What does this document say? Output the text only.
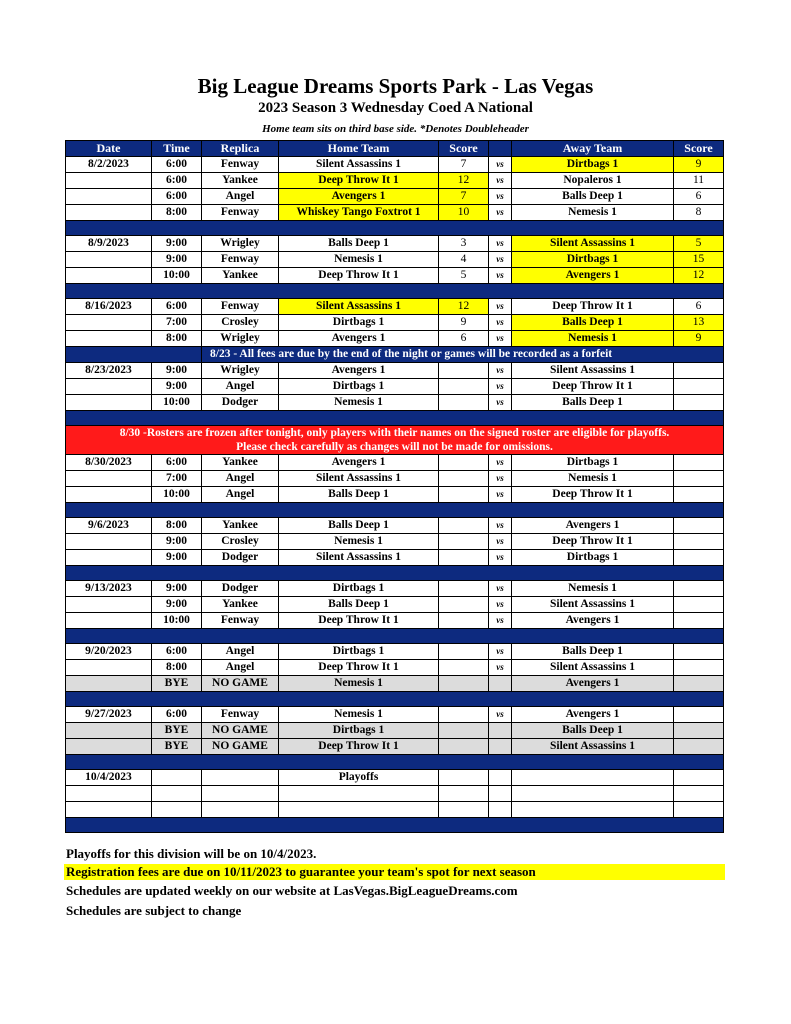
Big League Dreams Sports Park - Las Vegas
2023 Season 3 Wednesday Coed A National
Home team sits on third base side. *Denotes Doubleheader
Date	Time	Replica	Home Team	Score		Away Team	Score
8/2/2023	6:00	Fenway	Silent Assassins 1	7	vs	Dirtbags 1	9
	6:00	Yankee	Deep Throw It 1	12	vs	Nopaleros 1	11
	6:00	Angel	Avengers 1	7	vs	Balls Deep 1	6
	8:00	Fenway	Whiskey Tango Foxtrot 1	10	vs	Nemesis 1	8

8/9/2023	9:00	Wrigley	Balls Deep 1	3	vs	Silent Assassins 1	5
	9:00	Fenway	Nemesis 1	4	vs	Dirtbags 1	15
	10:00	Yankee	Deep Throw It 1	5	vs	Avengers 1	12

8/16/2023	6:00	Fenway	Silent Assassins 1	12	vs	Deep Throw It 1	6
	7:00	Crosley	Dirtbags 1	9	vs	Balls Deep 1	13
	8:00	Wrigley	Avengers 1	6	vs	Nemesis 1	9
		8/23 - All fees are due by the end of the night or games will be recorded as a forfeit					
8/23/2023	9:00	Wrigley	Avengers 1		vs	Silent Assassins 1	
	9:00	Angel	Dirtbags 1		vs	Deep Throw It 1	
	10:00	Dodger	Nemesis 1		vs	Balls Deep 1	

8/30 -Rosters are frozen after tonight, only players with their names on the signed roster are eligible for playoffs.
Please check carefully as changes will not be made for omissions.							

8/30/2023	6:00	Yankee	Avengers 1		vs	Dirtbags 1	
	7:00	Angel	Silent Assassins 1		vs	Nemesis 1	
	10:00	Angel	Balls Deep 1		vs	Deep Throw It 1	

9/6/2023	8:00	Yankee	Balls Deep 1		vs	Avengers 1	
	9:00	Crosley	Nemesis 1		vs	Deep Throw It 1	
	9:00	Dodger	Silent Assassins 1		vs	Dirtbags 1	

9/13/2023	9:00	Dodger	Dirtbags 1		vs	Nemesis 1	
	9:00	Yankee	Balls Deep 1		vs	Silent Assassins 1	
	10:00	Fenway	Deep Throw It 1		vs	Avengers 1	

9/20/2023	6:00	Angel	Dirtbags 1		vs	Balls Deep 1	
	8:00	Angel	Deep Throw It 1		vs	Silent Assassins 1	
	BYE	NO GAME	Nemesis 1			Avengers 1	

9/27/2023	6:00	Fenway	Nemesis 1		vs	Avengers 1	
	BYE	NO GAME	Dirtbags 1			Balls Deep 1	
	BYE	NO GAME	Deep Throw It 1			Silent Assassins 1	

10/4/2023			Playoffs				

Playoffs for this division will be on 10/4/2023.
Registration fees are due on 10/11/2023 to guarantee your team's spot for next season
Schedules are updated weekly on our website at LasVegas.BigLeagueDreams.com
Schedules are subject to change
